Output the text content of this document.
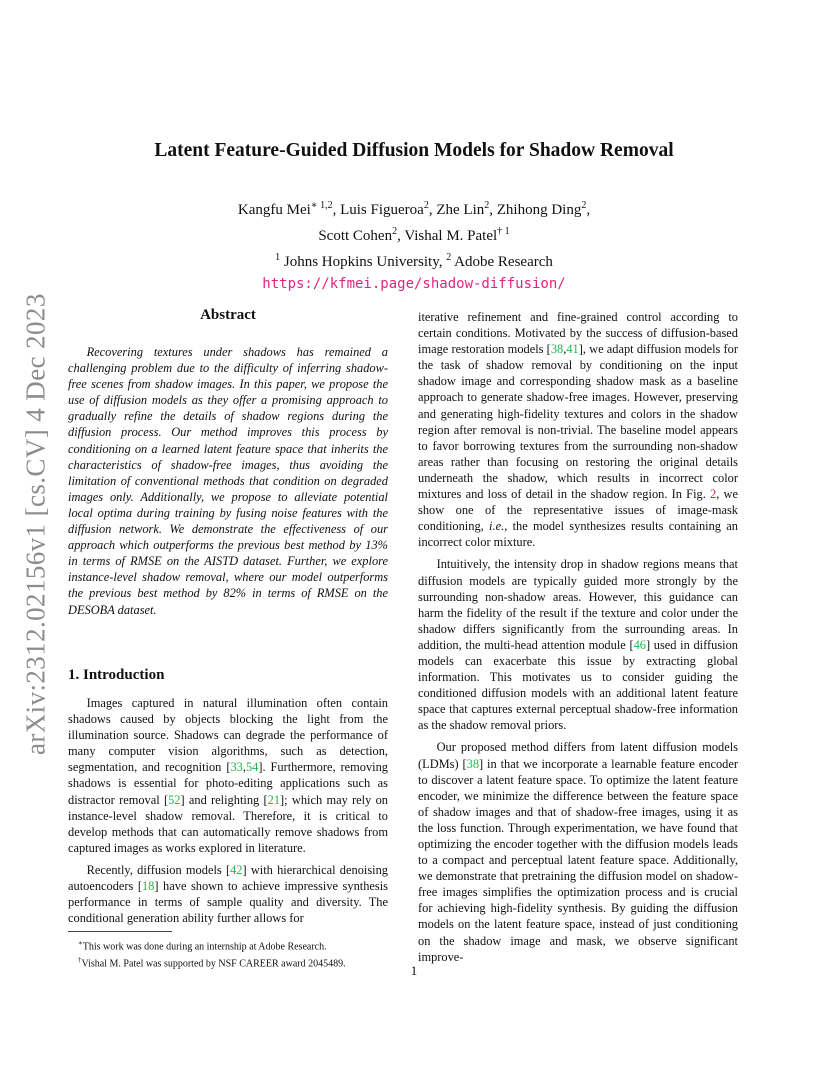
arXiv:2312.02156v1 [cs.CV] 4 Dec 2023
Latent Feature-Guided Diffusion Models for Shadow Removal
Kangfu Mei$^{∗ 1,2}$, Luis Figueroa$^2$, Zhe Lin$^2$, Zhihong Ding$^2$,
Scott Cohen$^2$, Vishal M. Patel$^{\dagger 1}$
$^1$ Johns Hopkins University, $^2$ Adobe Research
https://kfmei.page/shadow-diffusion/
Abstract

Recovering textures under shadows has remained a challenging problem due to the difficulty of inferring shadow-free scenes from shadow images. In this paper, we propose the use of diffusion models as they offer a promising approach to gradually refine the details of shadow regions during the diffusion process. Our method improves this process by conditioning on a learned latent feature space that inherits the characteristics of shadow-free images, thus avoiding the limitation of conventional methods that condition on degraded images only. Additionally, we propose to alleviate potential local optima during training by fusing noise features with the diffusion network. We demonstrate the effectiveness of our approach which outperforms the previous best method by 13% in terms of RMSE on the AISTD dataset. Further, we explore instance-level shadow removal, where our model outperforms the previous best method by 82% in terms of RMSE on the DESOBA dataset.

1. Introduction

Images captured in natural illumination often contain shadows caused by objects blocking the light from the illumination source. Shadows can degrade the performance of many computer vision algorithms, such as detection, segmentation, and recognition [33,54]. Furthermore, removing shadows is essential for photo-editing applications such as distractor removal [52] and relighting [21]; which may rely on instance-level shadow removal. Therefore, it is critical to develop methods that can automatically remove shadows from captured images as works explored in literature.

Recently, diffusion models [42] with hierarchical denoising autoencoders [18] have shown to achieve impressive synthesis performance in terms of sample quality and diversity. The conditional generation ability further allows for

iterative refinement and fine-grained control according to certain conditions. Motivated by the success of diffusion-based image restoration models [38,41], we adapt diffusion models for the task of shadow removal by conditioning on the input shadow image and corresponding shadow mask as a baseline approach to generate shadow-free images. However, preserving and generating high-fidelity textures and colors in the shadow region after removal is non-trivial. The baseline model appears to favor borrowing textures from the surrounding non-shadow areas rather than focusing on restoring the original details underneath the shadow, which results in incorrect color mixtures and loss of detail in the shadow region. In Fig. 2, we show one of the representative issues of image-mask conditioning, i.e., the model synthesizes results containing an incorrect color mixture.

Intuitively, the intensity drop in shadow regions means that diffusion models are typically guided more strongly by the surrounding non-shadow areas. However, this guidance can harm the fidelity of the result if the texture and color under the shadow differs significantly from the surrounding areas. In addition, the multi-head attention module [46] used in diffusion models can exacerbate this issue by extracting global information. This motivates us to consider guiding the conditioned diffusion models with an additional latent feature space that captures external perceptual shadow-free information as the shadow removal priors.

Our proposed method differs from latent diffusion models (LDMs) [38] in that we incorporate a learnable feature encoder to discover a latent feature space. To optimize the latent feature encoder, we minimize the difference between the feature space of shadow images and that of shadow-free images, using it as the loss function. Through experimentation, we have found that optimizing the encoder together with the diffusion models leads to a compact and perceptual latent feature space. Additionally, we demonstrate that pretraining the diffusion model on shadow-free images simplifies the optimization process and is crucial for achieving high-fidelity synthesis. By guiding the diffusion models on the latent feature space, instead of just conditioning on the shadow image and mask, we observe significant improve-

∗This work was done during an internship at Adobe Research.
†Vishal M. Patel was supported by NSF CAREER award 2045489.	1
